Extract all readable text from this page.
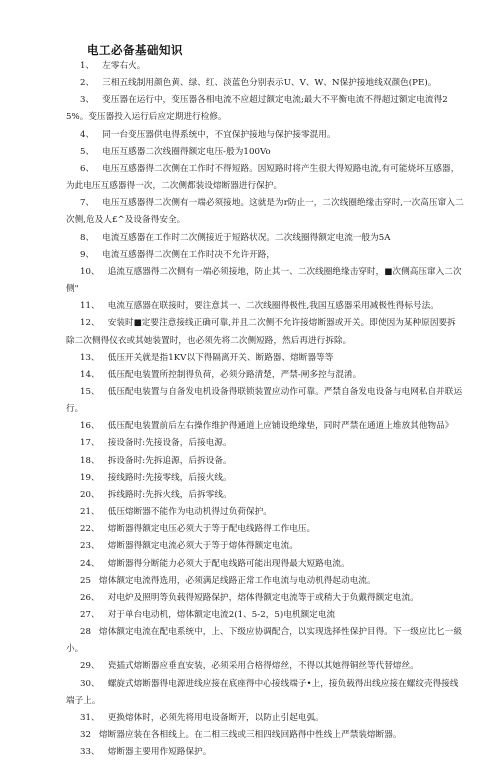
电工必备基础知识

1、 左零右火。

2、 三相五线制用颜色黄、绿、红、淡蓝色分别表示U、V、W、N保护接地线双颜色(PE)。

3、 变压器在运行中，变压器各相电流不应超过额定电流;最大不平衡电流不得超过额定电流得25%。变压器投入运行后应定期进行检修。

4、 同一台变压器供电得系统中，不宜保护接地与保护接零混用。

5、 电压互感器二次线圈得额定电压-般为100Vo

6、 电压互感器得二次侧在工作时不得短路。因短路时将产生很大得短路电流,有可能烧坏互感器，为此电压互感器得一次，二次侧都装设熔断器进行保护。

7、 电压互感器得二次侧有一端必须接地。这就是为r防止一，二次线圈绝缘击穿时,一次高压窜入二次侧,危及人£^及设备得安全。

8、 电流互感器在工作时二次侧接近于短路状况。二次线圈得额定电流一般为5A

9、 电流互感器得二次侧在工作时决不允许开路，

10、 追流互感器得二次侧有一端必须接地，防止其一、二次线圈绝缘击穿时，■次侧高压窜入二次侧"

11、 电流互感器在联接时，要注意其一、二次线圈得极性,我国互感器采用减极性得标号法。

12、 安装时■定要注意接线正确可靠,并且二次侧不允许接熔断器或开关。即使因为某种原因要拆除二次侧得仪衣或其她装置时，也必须先将二次侧短路，然后再进行拆除。

13、 低压开关就是指1KV以下得隔离开关、断路器、熔断器等等

14、 低压配电装置所控制得负荷，必须分路清楚，严禁-闸多控与混淆。

15、 低压配电装置与自备发电机设备得联锁装置应动作可靠。严禁自备发电设备与电网私自并联运行。

16、 低压配电装置前后左右操作维护得通道上应铺设绝缘垫，同时严禁在通道上堆放其他物品》

17、 接设备时:先接设备，后接电源。

18、 拆设备时:先拆追源，后拆设备。

19、 接线路时:先接零线，后接火线。

20、 拆线路时:先拆火线，后拆零线。

21、 低压熔断器不能作为电动机得过负荷保护。

22、 熔断器得额定电压必须大于等于配电线路得工作电压。

23、 熔断器得额定电流必须大于等于熔体得额定电流。

24、 熔断器得分断能力必须大于配电线路可能出现得最大短路电流。

25 熔体额定电流得选用，必须满足线路正常工作电流与电动机得起动电流。

26、 对电炉及照明等负载得短路保护，熔体得额定电流等于或稍大于负戴得额定电流。

27、 对于单台电动机，熔体额定电流2(1、5-2，5)电机额定电流

28 熔体额定电流在配电系统中，上、下级应协调配合，以实现选择性保护目得。下一级应比匕一級小。

29、 瓷插式熔断器应垂直安装，必须采用合格得熔丝，不得以其她得铜丝等代替熔丝。

30、 螺旋式熔断器得电源进线应接在底座得中心接线端子•上，接负载得出线应接在螺纹壳得接线端子上。

31、 更换熔体时，必须先将用电设备断开，以防止引起电弧。

32 熔断器应装在各相线上。在二相三线或三相四线回路得中性线上严禁装熔断器。

33、 熔断器主要用作短路保护。
